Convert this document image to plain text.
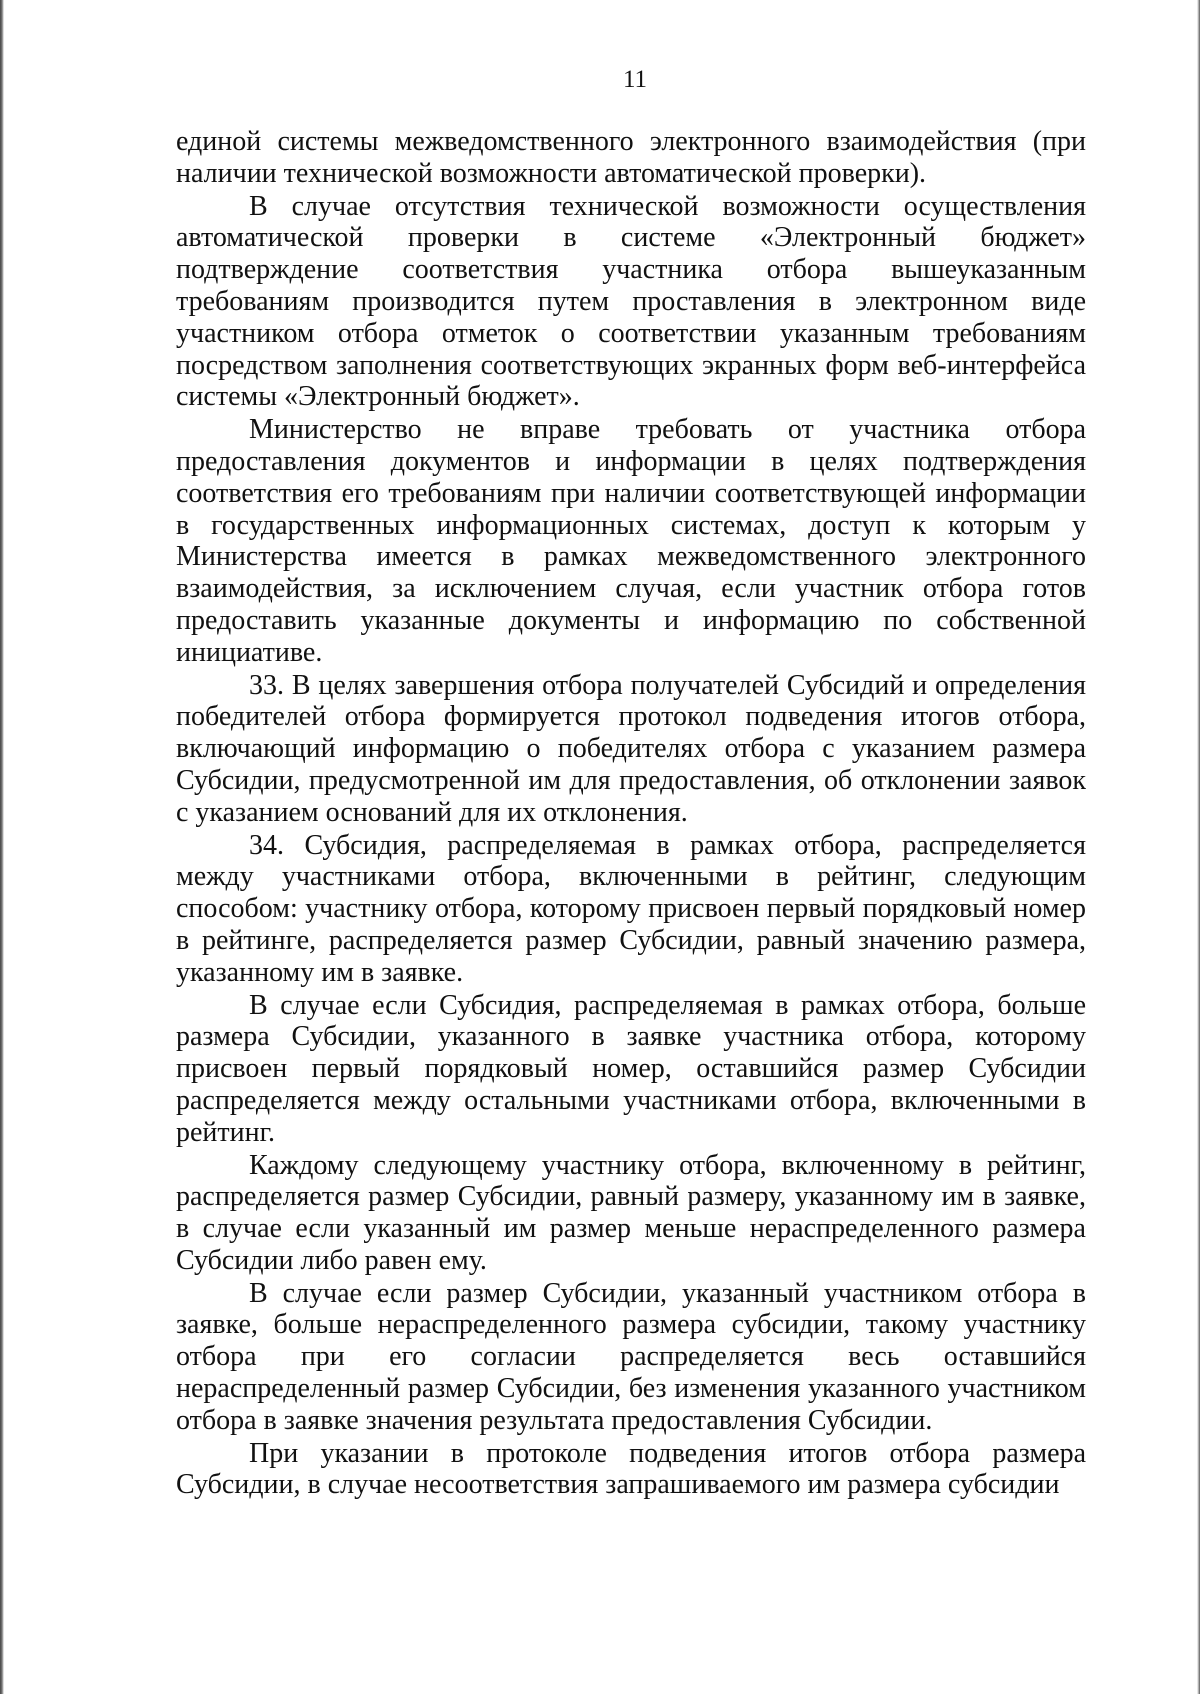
11

единой системы межведомственного электронного взаимодействия (при наличии технической возможности автоматической проверки).

В случае отсутствия технической возможности осуществления автоматической проверки в системе «Электронный бюджет» подтверждение соответствия участника отбора вышеуказанным требованиям производится путем проставления в электронном виде участником отбора отметок о соответствии указанным требованиям посредством заполнения соответствующих экранных форм веб-интерфейса системы «Электронный бюджет».

Министерство не вправе требовать от участника отбора предоставления документов и информации в целях подтверждения соответствия его требованиям при наличии соответствующей информации в государственных информационных системах, доступ к которым у Министерства имеется в рамках межведомственного электронного взаимодействия, за исключением случая, если участник отбора готов предоставить указанные документы и информацию по собственной инициативе.

33. В целях завершения отбора получателей Субсидий и определения победителей отбора формируется протокол подведения итогов отбора, включающий информацию о победителях отбора с указанием размера Субсидии, предусмотренной им для предоставления, об отклонении заявок с указанием оснований для их отклонения.

34. Субсидия, распределяемая в рамках отбора, распределяется между участниками отбора, включенными в рейтинг, следующим способом: участнику отбора, которому присвоен первый порядковый номер в рейтинге, распределяется размер Субсидии, равный значению размера, указанному им в заявке.

В случае если Субсидия, распределяемая в рамках отбора, больше размера Субсидии, указанного в заявке участника отбора, которому присвоен первый порядковый номер, оставшийся размер Субсидии распределяется между остальными участниками отбора, включенными в рейтинг.

Каждому следующему участнику отбора, включенному в рейтинг, распределяется размер Субсидии, равный размеру, указанному им в заявке, в случае если указанный им размер меньше нераспределенного размера Субсидии либо равен ему.

В случае если размер Субсидии, указанный участником отбора в заявке, больше нераспределенного размера субсидии, такому участнику отбора при его согласии распределяется весь оставшийся нераспределенный размер Субсидии, без изменения указанного участником отбора в заявке значения результата предоставления Субсидии.

При указании в протоколе подведения итогов отбора размера Субсидии, в случае несоответствия запрашиваемого им размера субсидии
